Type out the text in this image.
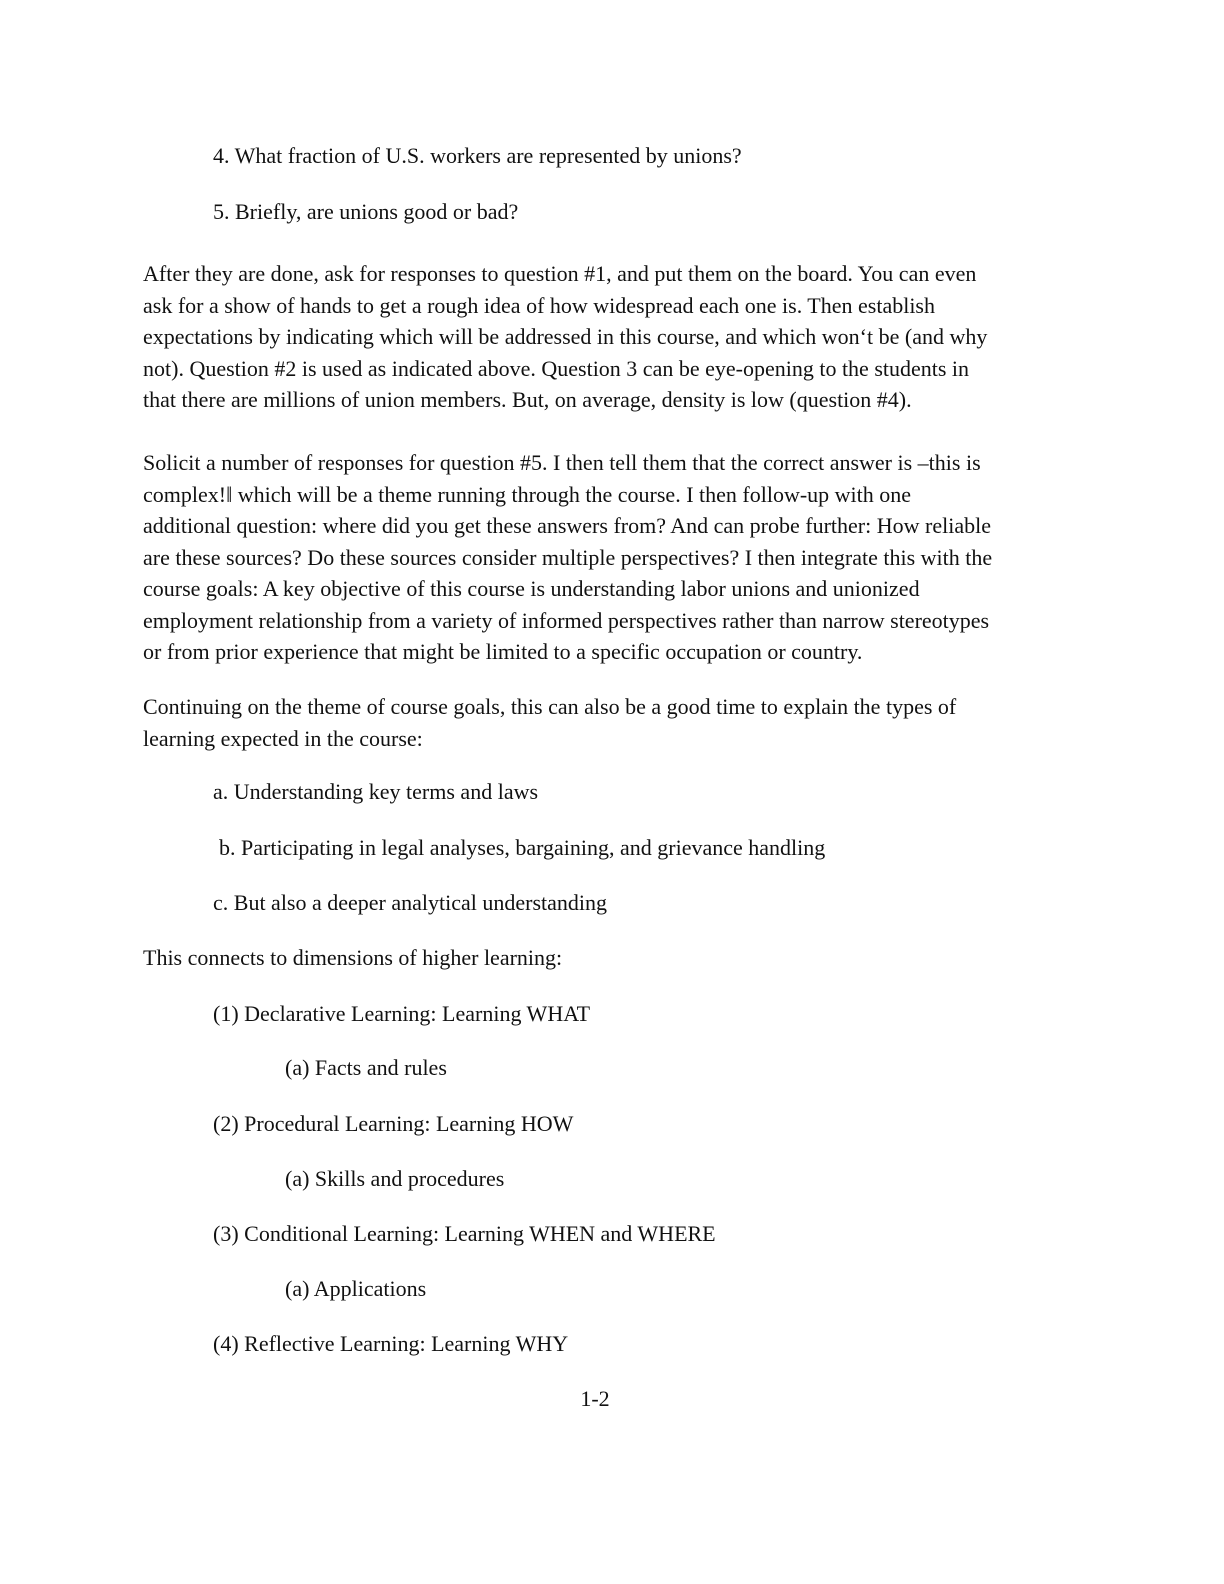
4. What fraction of U.S. workers are represented by unions?
5. Briefly, are unions good or bad?
After they are done, ask for responses to question #1, and put them on the board. You can even
ask for a show of hands to get a rough idea of how widespread each one is. Then establish
expectations by indicating which will be addressed in this course, and which won‘t be (and why
not). Question #2 is used as indicated above. Question 3 can be eye-opening to the students in
that there are millions of union members. But, on average, density is low (question #4).
Solicit a number of responses for question #5. I then tell them that the correct answer is –this is
complex!‖ which will be a theme running through the course. I then follow-up with one
additional question: where did you get these answers from? And can probe further: How reliable
are these sources? Do these sources consider multiple perspectives? I then integrate this with the
course goals: A key objective of this course is understanding labor unions and unionized
employment relationship from a variety of informed perspectives rather than narrow stereotypes
or from prior experience that might be limited to a specific occupation or country.
Continuing on the theme of course goals, this can also be a good time to explain the types of
learning expected in the course:
a. Understanding key terms and laws
b. Participating in legal analyses, bargaining, and grievance handling
c. But also a deeper analytical understanding
This connects to dimensions of higher learning:
(1) Declarative Learning: Learning WHAT
(a) Facts and rules
(2) Procedural Learning: Learning HOW
(a) Skills and procedures
(3) Conditional Learning: Learning WHEN and WHERE
(a) Applications
(4) Reflective Learning: Learning WHY
1-2
